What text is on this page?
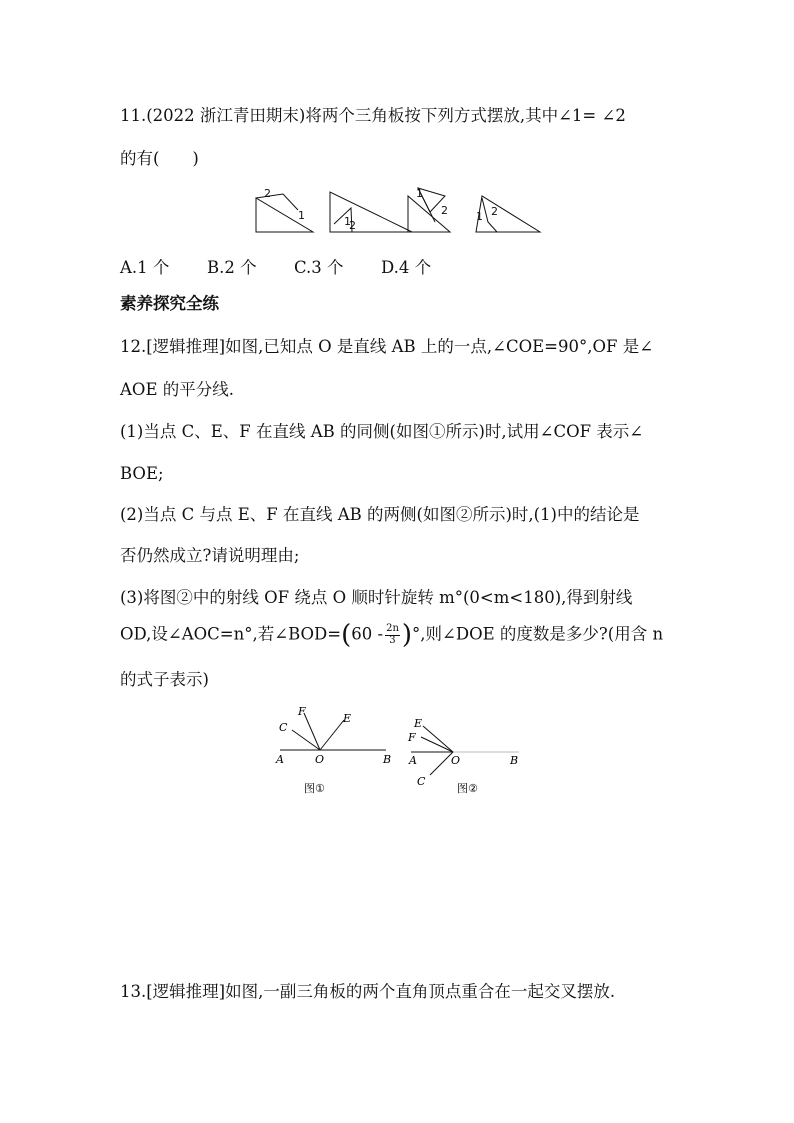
11.(2022 浙江青田期末)将两个三角板按下列方式摆放,其中∠1= ∠2
的有(　　)
2
1	1
2
1
2	1 2
A.1 个	B.2 个	C.3 个	D.4 个
素养探究全练
12.[逻辑推理]如图,已知点 O 是直线 AB 上的一点,∠COE=90°,OF 是∠
AOE 的平分线.
(1)当点 C、E、F 在直线 AB 的同侧(如图①所示)时,试用∠COF 表示∠
BOE;
(2)当点 C 与点 E、F 在直线 AB 的两侧(如图②所示)时,(1)中的结论是
否仍然成立?请说明理由;
(3)将图②中的射线 OF 绕点 O 顺时针旋转 m°(0<m<180),得到射线
OD,设∠AOC=n°,若∠BOD=(60 - $\frac{2n}{3}$ )°,则∠DOE 的度数是多少?(用含 n
的式子表示)
C
F
E
A	O	B
图①
E
F
A	O	B
C
图②
13.[逻辑推理]如图,一副三角板的两个直角顶点重合在一起交叉摆放.
